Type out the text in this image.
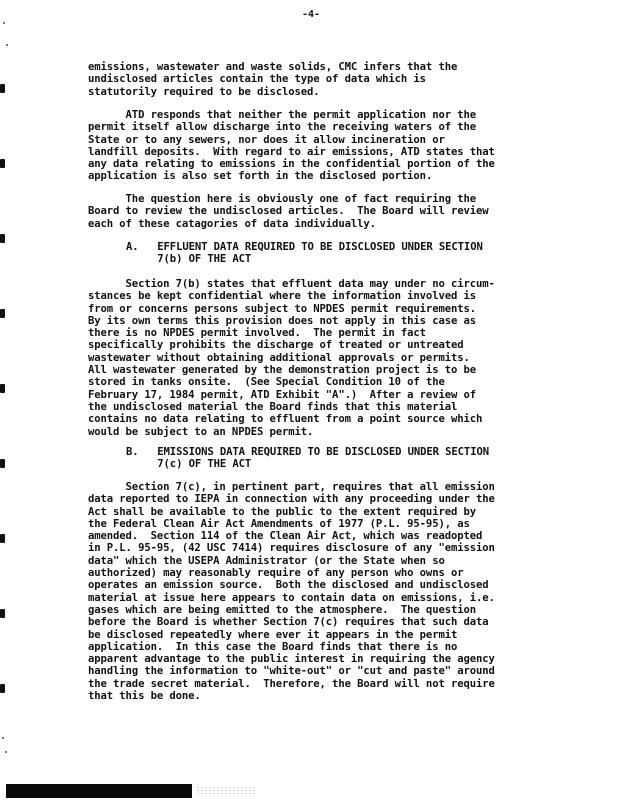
-4-

emissions, wastewater and waste solids, CMC infers that the
undisclosed articles contain the type of data which is
statutorily required to be disclosed.

ATD responds that neither the permit application nor the
permit itself allow discharge into the receiving waters of the
State or to any sewers, nor does it allow incineration or
landfill deposits.  With regard to air emissions, ATD states that
any data relating to emissions in the confidential portion of the
application is also set forth in the disclosed portion.

The question here is obviously one of fact requiring the
Board to review the undisclosed articles.  The Board will review
each of these catagories of data individually.

A.   EFFLUENT DATA REQUIRED TO BE DISCLOSED UNDER SECTION
7(b) OF THE ACT

Section 7(b) states that effluent data may under no circum-
stances be kept confidential where the information involved is
from or concerns persons subject to NPDES permit requirements.
By its own terms this provision does not apply in this case as
there is no NPDES permit involved.  The permit in fact
specifically prohibits the discharge of treated or untreated
wastewater without obtaining additional approvals or permits.
All wastewater generated by the demonstration project is to be
stored in tanks onsite.  (See Special Condition 10 of the
February 17, 1984 permit, ATD Exhibit "A".)  After a review of
the undisclosed material the Board finds that this material
contains no data relating to effluent from a point source which
would be subject to an NPDES permit.

B.   EMISSIONS DATA REQUIRED TO BE DISCLOSED UNDER SECTION
7(c) OF THE ACT

Section 7(c), in pertinent part, requires that all emission
data reported to IEPA in connection with any proceeding under the
Act shall be available to the public to the extent required by
the Federal Clean Air Act Amendments of 1977 (P.L. 95-95), as
amended.  Section 114 of the Clean Air Act, which was readopted
in P.L. 95-95, (42 USC 7414) requires disclosure of any "emission
data" which the USEPA Administrator (or the State when so
authorized) may reasonably require of any person who owns or
operates an emission source.  Both the disclosed and undisclosed
material at issue here appears to contain data on emissions, i.e.
gases which are being emitted to the atmosphere.  The question
before the Board is whether Section 7(c) requires that such data
be disclosed repeatedly where ever it appears in the permit
application.  In this case the Board finds that there is no
apparent advantage to the public interest in requiring the agency
handling the information to "white-out" or "cut and paste" around
the trade secret material.  Therefore, the Board will not require
that this be done.
